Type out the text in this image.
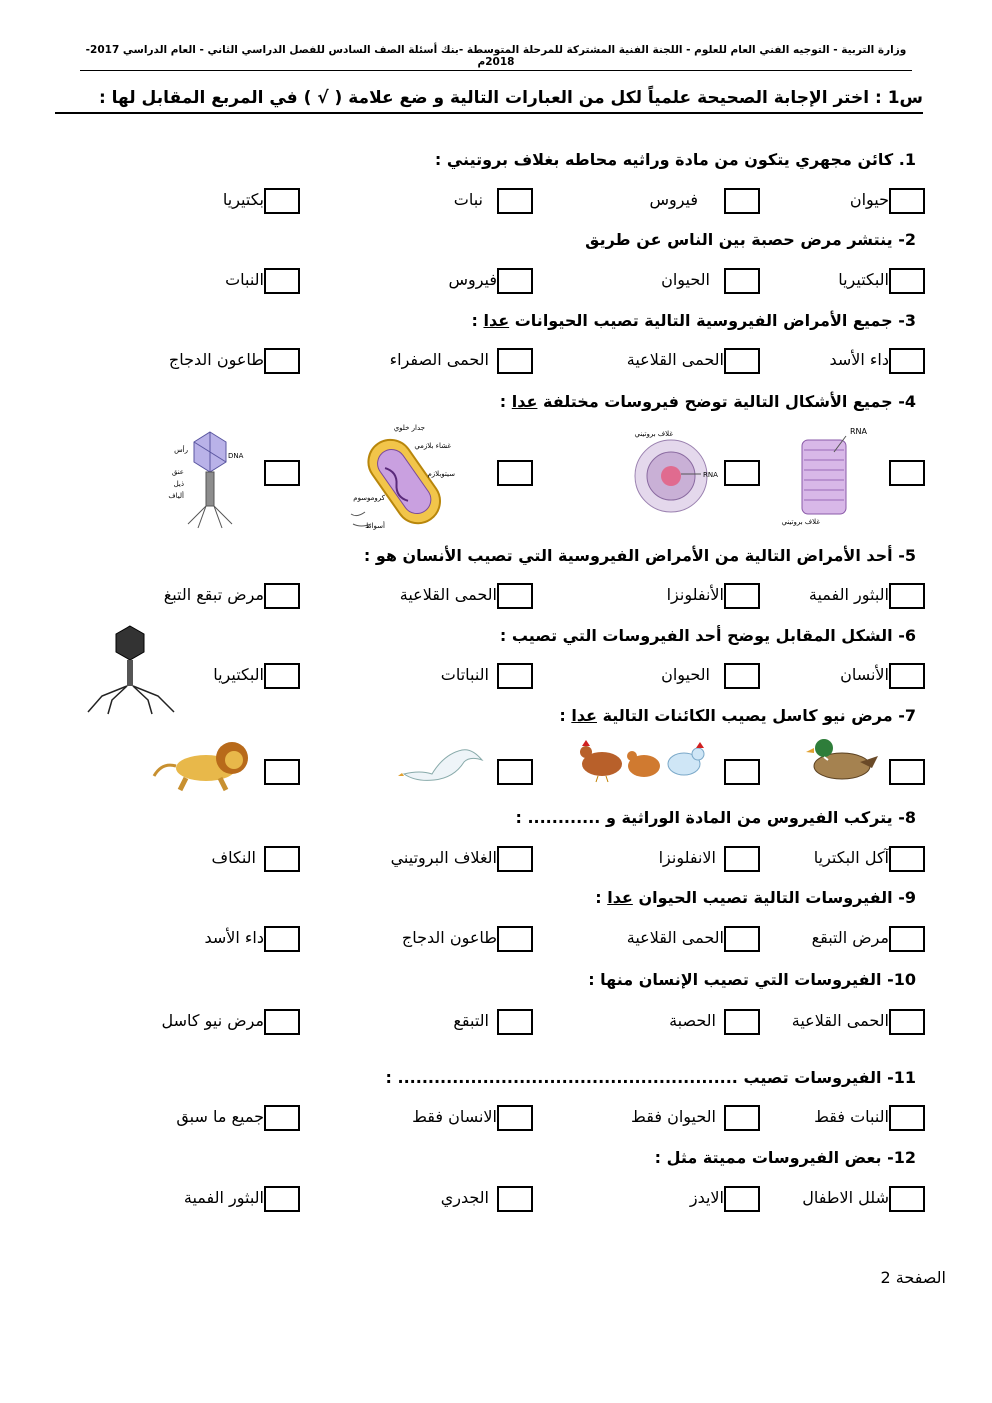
وزارة التربية - التوجيه الفني العام للعلوم - اللجنة الفنية المشتركة للمرحلة المتوسطة -بنك أسئلة الصف السادس للفصل الدراسي الثاني - العام الدراسي 2017-2018م
س1 : اختر الإجابة الصحيحة علمياً لكل من العبارات التالية و ضع علامة ( √ ) في المربع المقابل لها :
1. كائن مجهري يتكون من مادة وراثيه محاطه بغلاف بروتيني :
حيوان
فيروس
نبات
بكتيريا
2- ينتشر مرض حصبة بين الناس عن طريق
البكتيريا
الحيوان
فيروس
النبات
3- جميع الأمراض الفيروسية التالية تصيب الحيوانات عدا :
داء الأسد
الحمى القلاعية
الحمى الصفراء
طاعون الدجاج
4- جميع الأشكال التالية توضح فيروسات مختلفة عدا :
RNA
غلاف بروتيني
غلاف بروتيني
RNA
جدار خلوي
غشاء بلازمي
سيتوبلازم
كروموسوم
أسواط
DNA
رأس
عنق
ذيل
ألياف
5- أحد الأمراض التالية من الأمراض الفيروسية التي تصيب الأنسان هو :
البثور الفمية
الأنفلونزا
الحمى القلاعية
مرض تبقع التبغ
6- الشكل المقابل يوضح أحد الفيروسات التي تصيب :
الأنسان
الحيوان
النباتات
البكتيريا
7- مرض نيو كاسل يصيب الكائنات التالية عدا :
8- يتركب الفيروس من المادة الوراثية و ............ :
آكل البكتريا
الانفلونزا
الغلاف البروتيني
النكاف
9- الفيروسات التالية تصيب الحيوان عدا :
مرض التبقع
الحمى القلاعية
طاعون الدجاج
داء الأسد
10- الفيروسات التي تصيب الإنسان منها :
الحمى القلاعية
الحصبة
التبقع
مرض نيو كاسل
11- الفيروسات تصيب ........................................................ :
النبات فقط
الحيوان فقط
الانسان فقط
جميع ما سبق
12- بعض الفيروسات مميتة مثل :
شلل الاطفال
الايدز
الجدري
البثور الفمية
الصفحة 2
